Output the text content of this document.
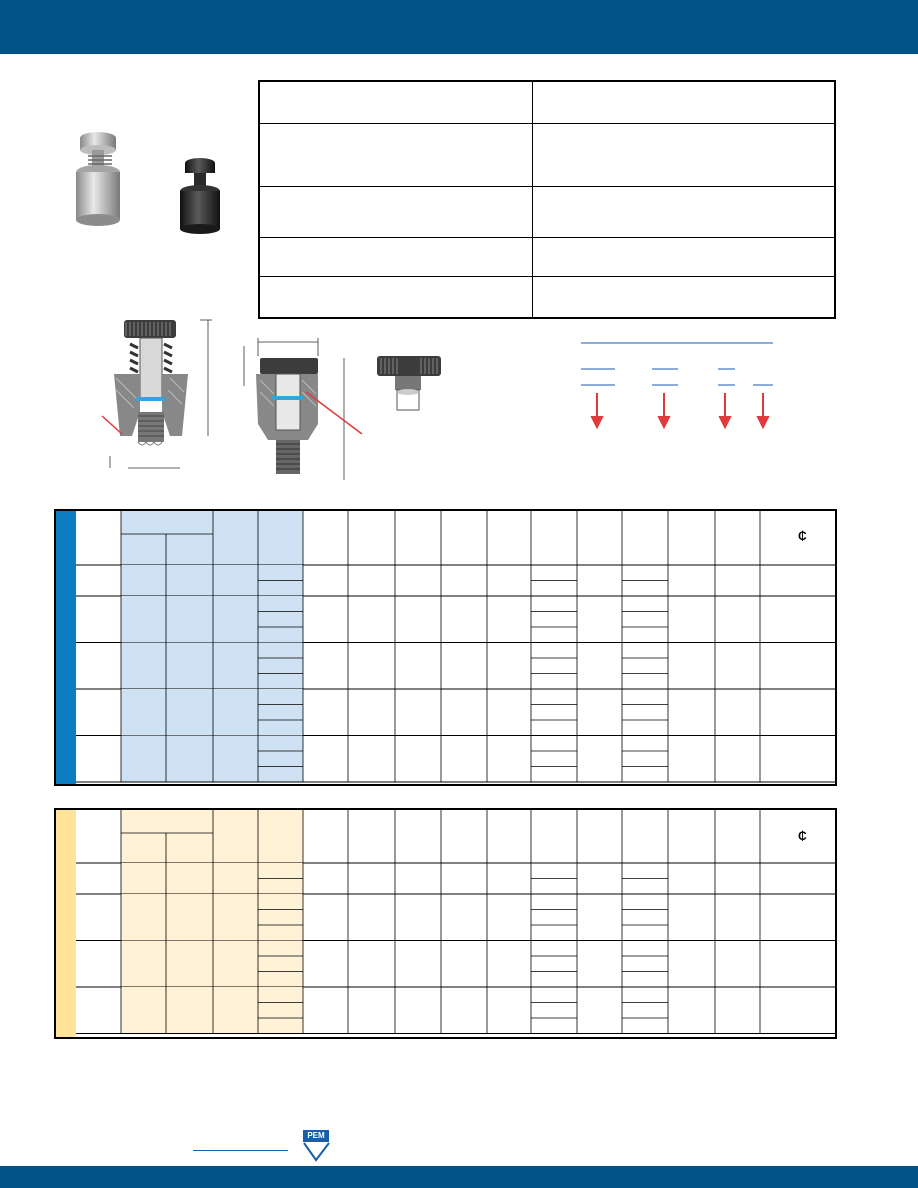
₵
₵
PEM
